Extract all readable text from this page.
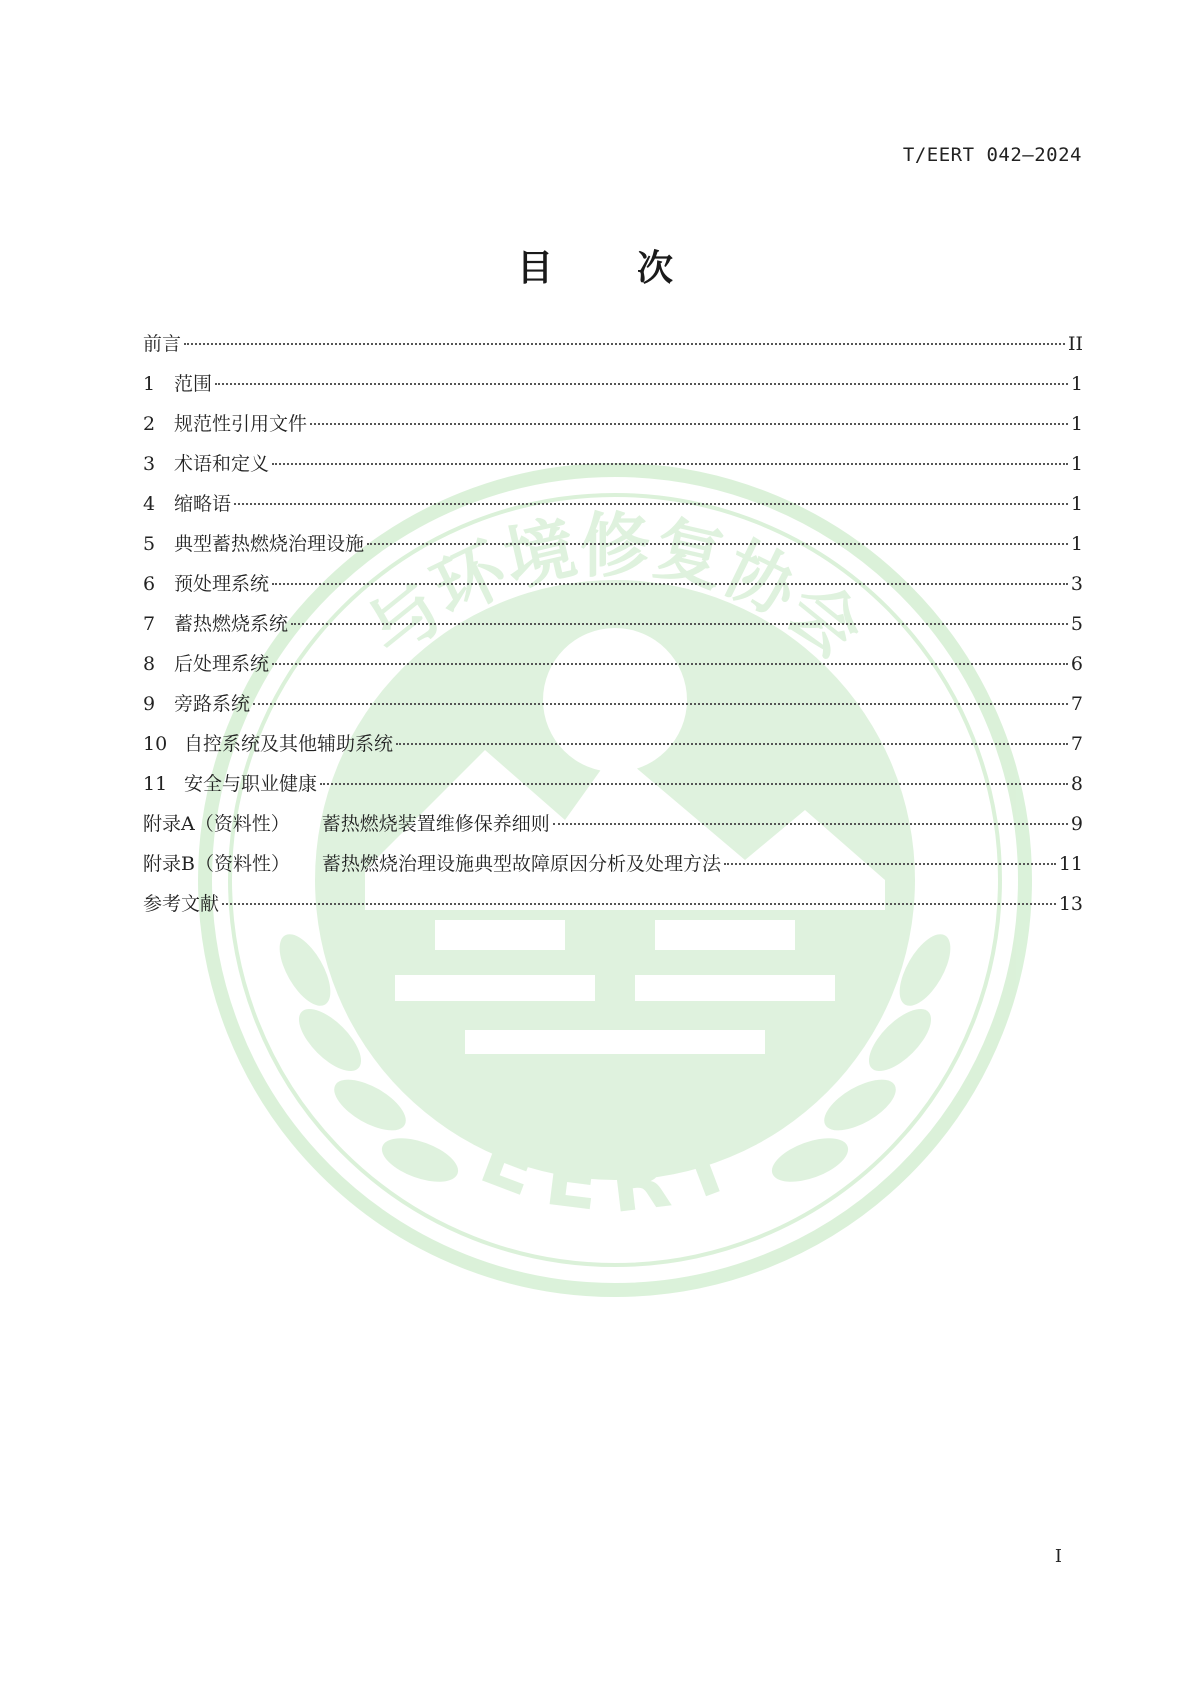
与环境修复协会
EERT
T/EERT 042—2024
目 次
前言	II
1 范围	1
2 规范性引用文件	1
3 术语和定义	1
4 缩略语	1
5 典型蓄热燃烧治理设施	1
6 预处理系统	3
7 蓄热燃烧系统	5
8 后处理系统	6
9 旁路系统	7
10 自控系统及其他辅助系统	7
11 安全与职业健康	8
附录A（资料性） 蓄热燃烧装置维修保养细则	9
附录B（资料性） 蓄热燃烧治理设施典型故障原因分析及处理方法	11
参考文献	13
I
